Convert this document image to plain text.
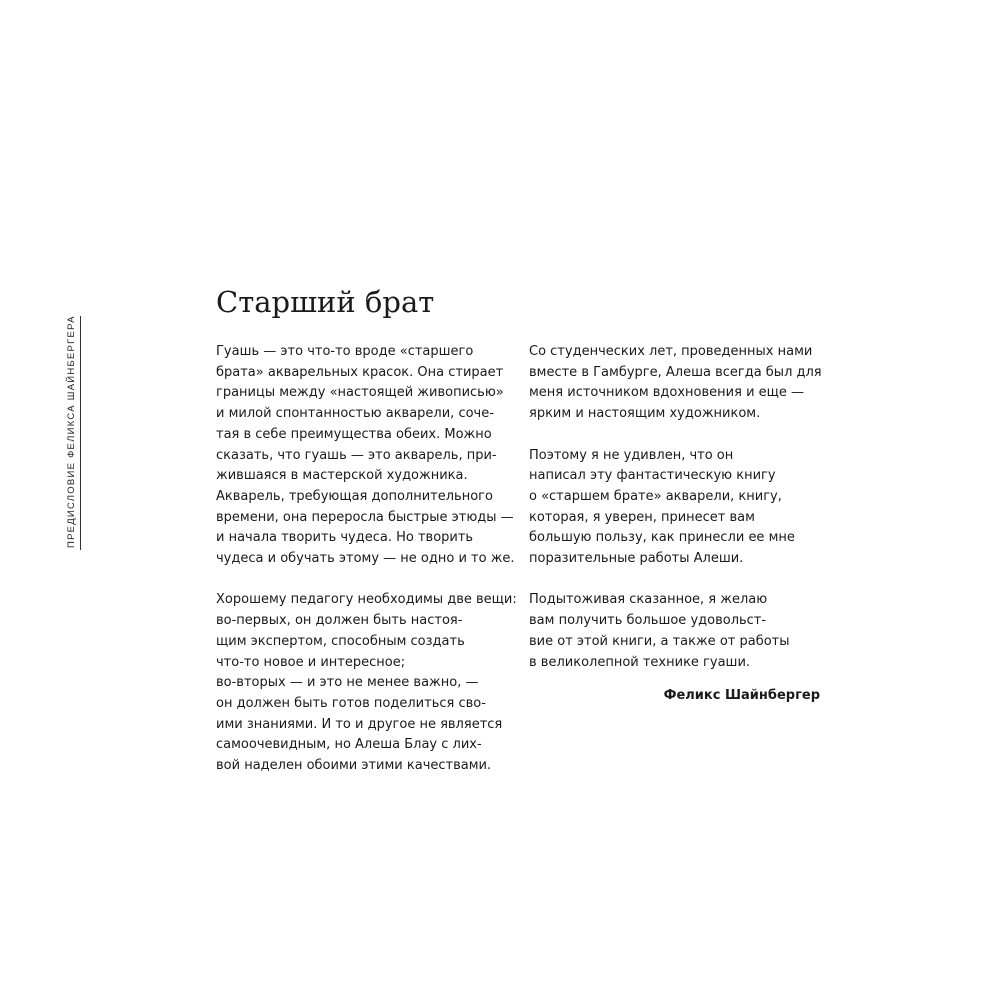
ПРЕДИСЛОВИЕ ФЕЛИКСА ШАЙНБЕРГЕРА
Старший брат

Гуашь — это что-то вроде «старшего
брата» акварельных красок. Она стирает
границы между «настоящей живописью»
и милой спонтанностью акварели, соче-
тая в себе преимущества обеих. Можно
сказать, что гуашь — это акварель, при-
жившаяся в мастерской художника.
Акварель, требующая дополнительного
времени, она переросла быстрые этюды —
и начала творить чудеса. Но творить
чудеса и обучать этому — не одно и то же.

Хорошему педагогу необходимы две вещи:
во-первых, он должен быть настоя-
щим экспертом, способным создать
что-то новое и интересное;
во-вторых — и это не менее важно, —
он должен быть готов поделиться сво-
ими знаниями. И то и другое не является
самоочевидным, но Алеша Блау с лих-
вой наделен обоими этими качествами.

Со студенческих лет, проведенных нами
вместе в Гамбурге, Алеша всегда был для
меня источником вдохновения и еще —
ярким и настоящим художником.

Поэтому я не удивлен, что он
написал эту фантастическую книгу
о «старшем брате» акварели, книгу,
которая, я уверен, принесет вам
большую пользу, как принесли ее мне
поразительные работы Алеши.

Подытоживая сказанное, я желаю
вам получить большое удовольст-
вие от этой книги, а также от работы
в великолепной технике гуаши.

Феликс Шайнбергер
